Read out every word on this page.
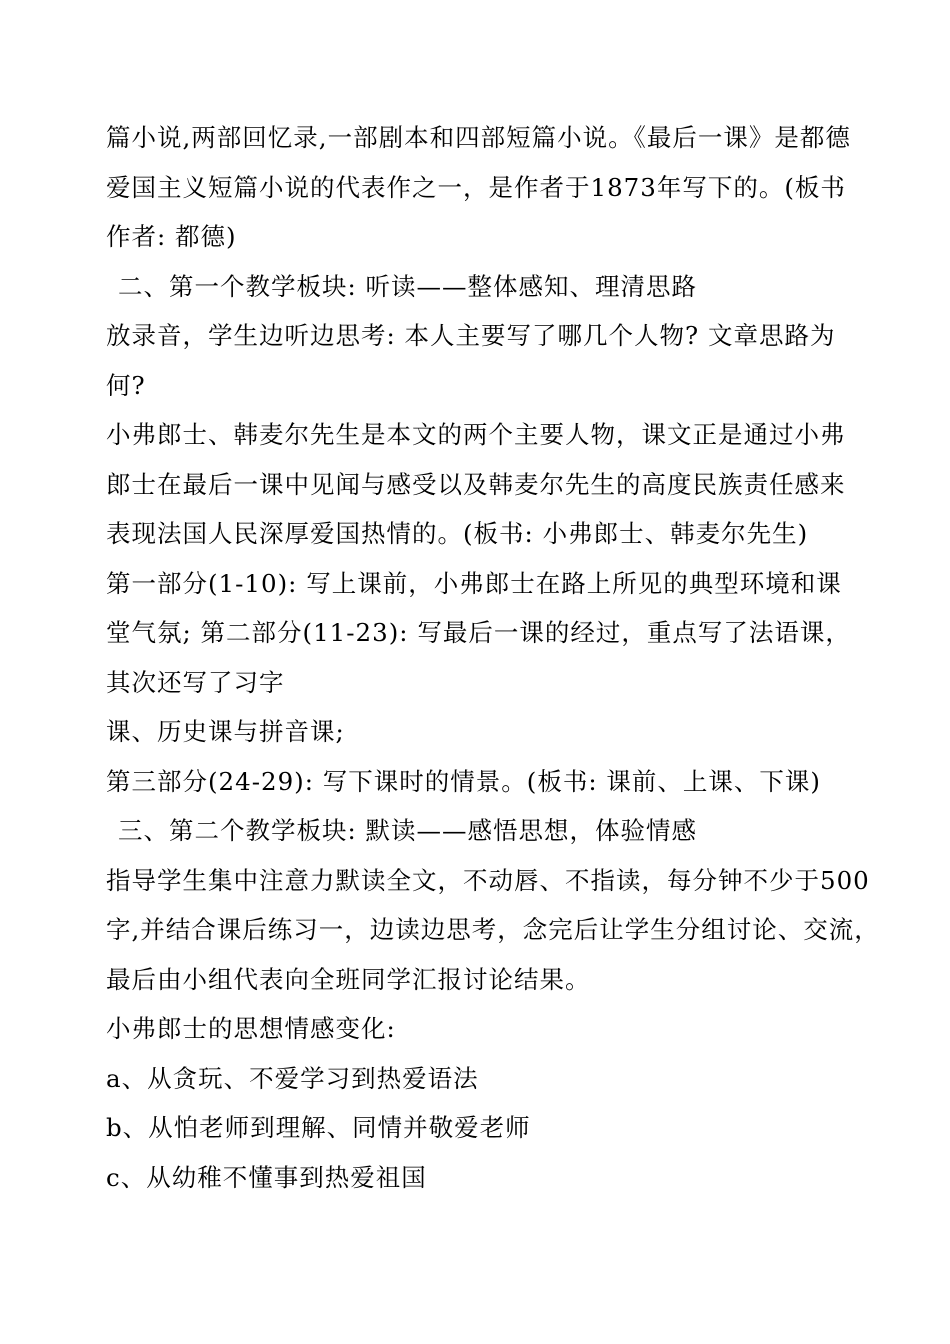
篇小说,两部回忆录,一部剧本和四部短篇小说。《最后一课》是都德
爱国主义短篇小说的代表作之一，是作者于1873年写下的。(板书
作者: 都德)
二、第一个教学板块: 听读——整体感知、理清思路
放录音，学生边听边思考: 本人主要写了哪几个人物? 文章思路为
何?
小弗郎士、韩麦尔先生是本文的两个主要人物，课文正是通过小弗
郎士在最后一课中见闻与感受以及韩麦尔先生的高度民族责任感来
表现法国人民深厚爱国热情的。(板书: 小弗郎士、韩麦尔先生)
第一部分(1-10): 写上课前，小弗郎士在路上所见的典型环境和课
堂气氛; 第二部分(11-23): 写最后一课的经过，重点写了法语课，
其次还写了习字
课、历史课与拼音课;
第三部分(24-29): 写下课时的情景。(板书: 课前、上课、下课)
三、第二个教学板块: 默读——感悟思想，体验情感
指导学生集中注意力默读全文，不动唇、不指读，每分钟不少于500
字,并结合课后练习一，边读边思考，念完后让学生分组讨论、交流，
最后由小组代表向全班同学汇报讨论结果。
小弗郎士的思想情感变化:
a、从贪玩、不爱学习到热爱语法
b、从怕老师到理解、同情并敬爱老师
c、从幼稚不懂事到热爱祖国
